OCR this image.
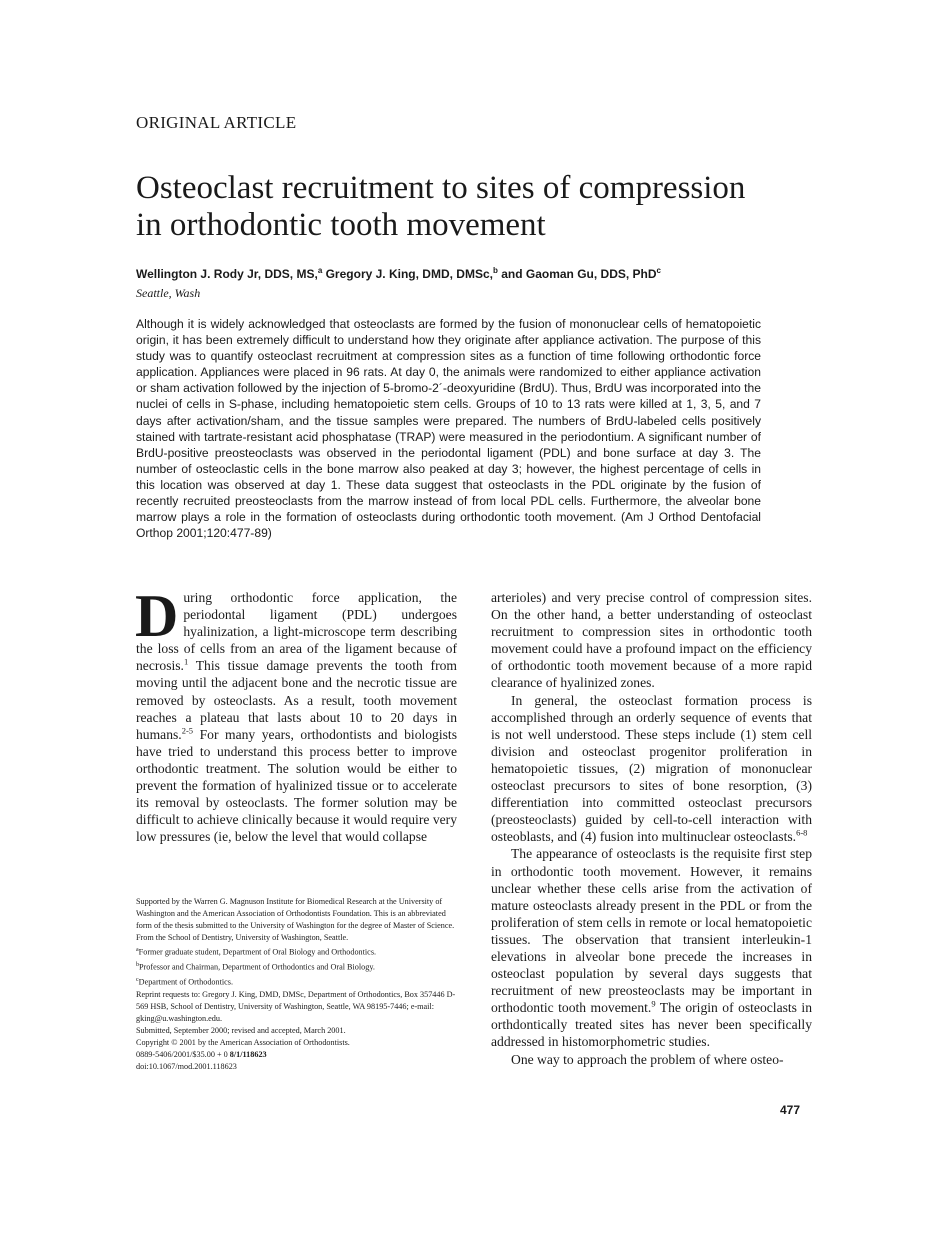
ORIGINAL ARTICLE
Osteoclast recruitment to sites of compression
in orthodontic tooth movement
Wellington J. Rody Jr, DDS, MS,$^a$ Gregory J. King, DMD, DMSc,$^b$ and Gaoman Gu, DDS, PhD$^c$
Seattle, Wash

Although it is widely acknowledged that osteoclasts are formed by the fusion of mononuclear cells of hematopoietic origin, it has been extremely difficult to understand how they originate after appliance activation. The purpose of this study was to quantify osteoclast recruitment at compression sites as a function of time following orthodontic force application. Appliances were placed in 96 rats. At day 0, the animals were randomized to either appliance activation or sham activation followed by the injection of 5-bromo-2´-deoxyuridine (BrdU). Thus, BrdU was incorporated into the nuclei of cells in S-phase, including hematopoietic stem cells. Groups of 10 to 13 rats were killed at 1, 3, 5, and 7 days after activation/sham, and the tissue samples were prepared. The numbers of BrdU-labeled cells positively stained with tartrate-resistant acid phosphatase (TRAP) were measured in the periodontium. A significant number of BrdU-positive preosteoclasts was observed in the periodontal ligament (PDL) and bone surface at day 3. The number of osteoclastic cells in the bone marrow also peaked at day 3; however, the highest percentage of cells in this location was observed at day 1. These data suggest that osteoclasts in the PDL originate by the fusion of recently recruited preosteoclasts from the marrow instead of from local PDL cells. Furthermore, the alveolar bone marrow plays a role in the formation of osteoclasts during orthodontic tooth movement. (Am J Orthod Dentofacial Orthop 2001;120:477-89)

During orthodontic force application, the periodontal ligament (PDL) undergoes hyalinization, a light-microscope term describing the loss of cells from an area of the ligament because of necrosis.$^1$ This tissue damage prevents the tooth from moving until the adjacent bone and the necrotic tissue are removed by osteoclasts. As a result, tooth movement reaches a plateau that lasts about 10 to 20 days in humans.$^{2-5}$ For many years, orthodontists and biologists have tried to understand this process better to improve orthodontic treatment. The solution would be either to prevent the formation of hyalinized tissue or to accelerate its removal by osteoclasts. The former solution may be difficult to achieve clinically because it would require very low pressures (ie, below the level that would collapse

arterioles) and very precise control of compression sites. On the other hand, a better understanding of osteoclast recruitment to compression sites in orthodontic tooth movement could have a profound impact on the efficiency of orthodontic tooth movement because of a more rapid clearance of hyalinized zones.

In general, the osteoclast formation process is accomplished through an orderly sequence of events that is not well understood. These steps include (1) stem cell division and osteoclast progenitor proliferation in hematopoietic tissues, (2) migration of mononuclear osteoclast precursors to sites of bone resorption, (3) differentiation into committed osteoclast precursors (preosteoclasts) guided by cell-to-cell interaction with osteoblasts, and (4) fusion into multinuclear osteoclasts.$^{6-8}$

The appearance of osteoclasts is the requisite first step in orthodontic tooth movement. However, it remains unclear whether these cells arise from the activation of mature osteoclasts already present in the PDL or from the proliferation of stem cells in remote or local hematopoietic tissues. The observation that transient interleukin-1 elevations in alveolar bone precede the increases in osteoclast population by several days suggests that recruitment of new preosteoclasts may be important in orthodontic tooth movement.$^9$ The origin of osteoclasts in orthdontically treated sites has never been specifically addressed in histomorphometric studies.

One way to approach the problem of where osteo-

Supported by the Warren G. Magnuson Institute for Biomedical Research at the University of Washington and the American Association of Orthodontists Foundation. This is an abbreviated form of the thesis submitted to the University of Washington for the degree of Master of Science.
From the School of Dentistry, University of Washington, Seattle.
$^a$Former graduate student, Department of Oral Biology and Orthodontics.
$^b$Professor and Chairman, Department of Orthodontics and Oral Biology.
$^c$Department of Orthodontics.
Reprint requests to: Gregory J. King, DMD, DMSc, Department of Orthodontics, Box 357446 D-569 HSB, School of Dentistry, University of Washington, Seattle, WA 98195-7446; e-mail: gking@u.washington.edu.
Submitted, September 2000; revised and accepted, March 2001.
Copyright © 2001 by the American Association of Orthodontists.
0889-5406/2001/$35.00 + 0 8/1/118623
doi:10.1067/mod.2001.118623
477
